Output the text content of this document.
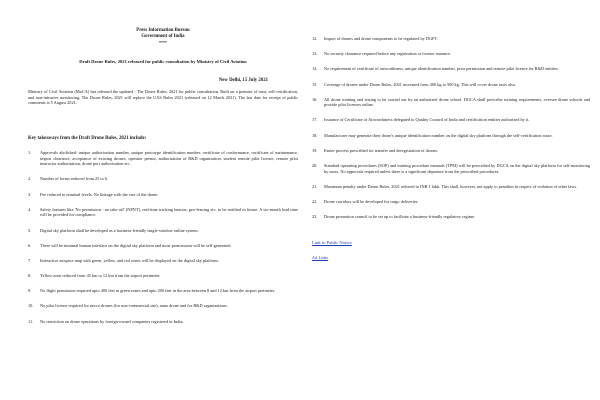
Press Information Bureau
Government of India
****
Draft Drone Rules, 2021 released for public consultation by Ministry of Civil Aviation
New Delhi, 15 July 2021
Ministry of Civil Aviation (MoCA) has released the updated - The Drone Rules, 2021 for public consultation. Built on a premise of trust, self-certification, and non-intrusive monitoring, The Drone Rules, 2021 will replace the UAS Rules 2021 (released on 12 March 2021). The last date for receipt of public comments is 5 August 2021.
Key takeaways from the Draft Drone Rules, 2021 include:
1.	Approvals abolished: unique authorisation number, unique prototype identification number, certificate of conformance, certificate of maintenance, import clearance, acceptance of existing drones, operator permit, authorisation of R&D organisation, student remote pilot licence, remote pilot instructor authorisation, drone port authorisation etc.
2.	Number of forms reduced from 25 to 6.
3.	Fee reduced to nominal levels. No linkage with the size of the drone.
4.	Safety features like 'No permission - no take-off' (NPNT), real-time tracking beacon, geo-fencing etc. to be notified in future. A six-month lead time will be provided for compliance.
5.	Digital sky platform shall be developed as a business-friendly single-window online system.
6.	There will be minimal human interface on the digital sky platform and most permissions will be self-generated.
7.	Interactive airspace map with green, yellow, and red zones will be displayed on the digital sky platform.
8.	Yellow zone reduced from 45 km to 12 km from the airport perimeter.
9.	No flight permission required upto 400 feet in green zones and upto 200 feet in the area between 8 and 12 km from the airport perimeter.
10.	No pilot licence required for micro drones (for non-commercial use), nano drone and for R&D organizations.
11.	No restriction on drone operations by foreign-owned companies registered in India.
12.	Import of drones and drone components to be regulated by DGFT.
13.	No security clearance required before any registration or licence issuance.
14.	No requirement of certificate of airworthiness, unique identification number, prior permission and remote pilot licence for R&D entities.
15.	Coverage of drones under Drone Rules, 2021 increased from 300 kg to 500 kg. This will cover drone taxis also.
16.	All drone training and testing to be carried out by an authorized drone school. DGCA shall prescribe training requirements, oversee drone schools and provide pilot licences online.
17.	Issuance of Certificate of Airworthiness delegated to Quality Council of India and certification entities authorized by it.
18.	Manufacturer may generate their drone's unique identification number on the digital sky platform through the self-certification route.
19.	Easier process prescribed for transfer and deregistration of drones.
20.	Standard operating procedures (SOP) and training procedure manuals (TPM) will be prescribed by DGCA on the digital sky platform for self-monitoring by users. No approvals required unless there is a significant departure from the prescribed procedures.
21.	Maximum penalty under Drone Rules, 2021 reduced to INR 1 lakh. This shall, however, not apply to penalties in respect of violation of other laws.
22.	Drone corridors will be developed for cargo deliveries.
23.	Drone promotion council to be set up to facilitate a business-friendly regulatory regime.
Link to Public Notice
Ad. Links
